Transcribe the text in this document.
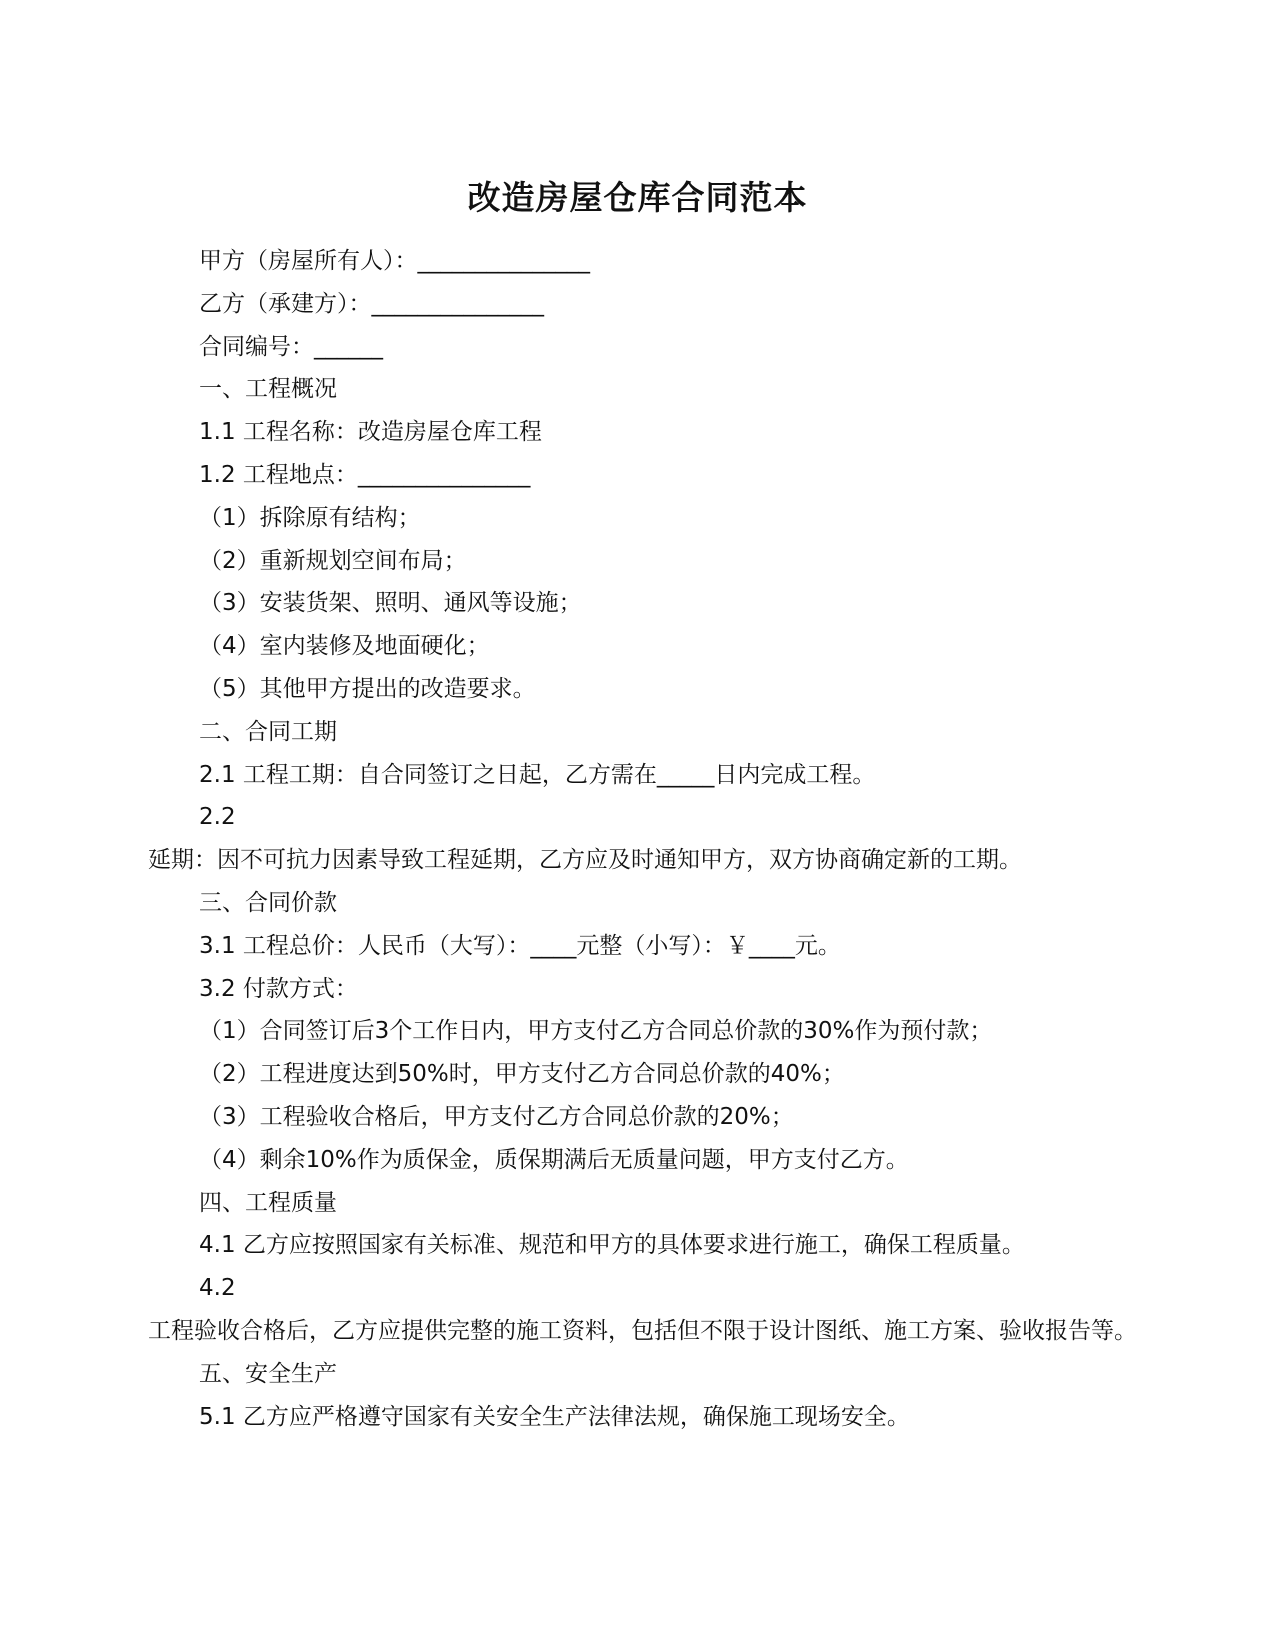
改造房屋仓库合同范本
甲方（房屋所有人）：_______________
乙方（承建方）：_______________
合同编号：______
一、工程概况
1.1 工程名称：改造房屋仓库工程
1.2 工程地点：_______________
（1）拆除原有结构；
（2）重新规划空间布局；
（3）安装货架、照明、通风等设施；
（4）室内装修及地面硬化；
（5）其他甲方提出的改造要求。
二、合同工期
2.1 工程工期：自合同签订之日起，乙方需在_____日内完成工程。
2.2
延期：因不可抗力因素导致工程延期，乙方应及时通知甲方，双方协商确定新的工期。
三、合同价款
3.1 工程总价：人民币（大写）：____元整（小写）：￥____元。
3.2 付款方式：
（1）合同签订后3个工作日内，甲方支付乙方合同总价款的30%作为预付款；
（2）工程进度达到50%时，甲方支付乙方合同总价款的40%；
（3）工程验收合格后，甲方支付乙方合同总价款的20%；
（4）剩余10%作为质保金，质保期满后无质量问题，甲方支付乙方。
四、工程质量
4.1 乙方应按照国家有关标准、规范和甲方的具体要求进行施工，确保工程质量。
4.2
工程验收合格后，乙方应提供完整的施工资料，包括但不限于设计图纸、施工方案、验收报告等。
五、安全生产
5.1 乙方应严格遵守国家有关安全生产法律法规，确保施工现场安全。
